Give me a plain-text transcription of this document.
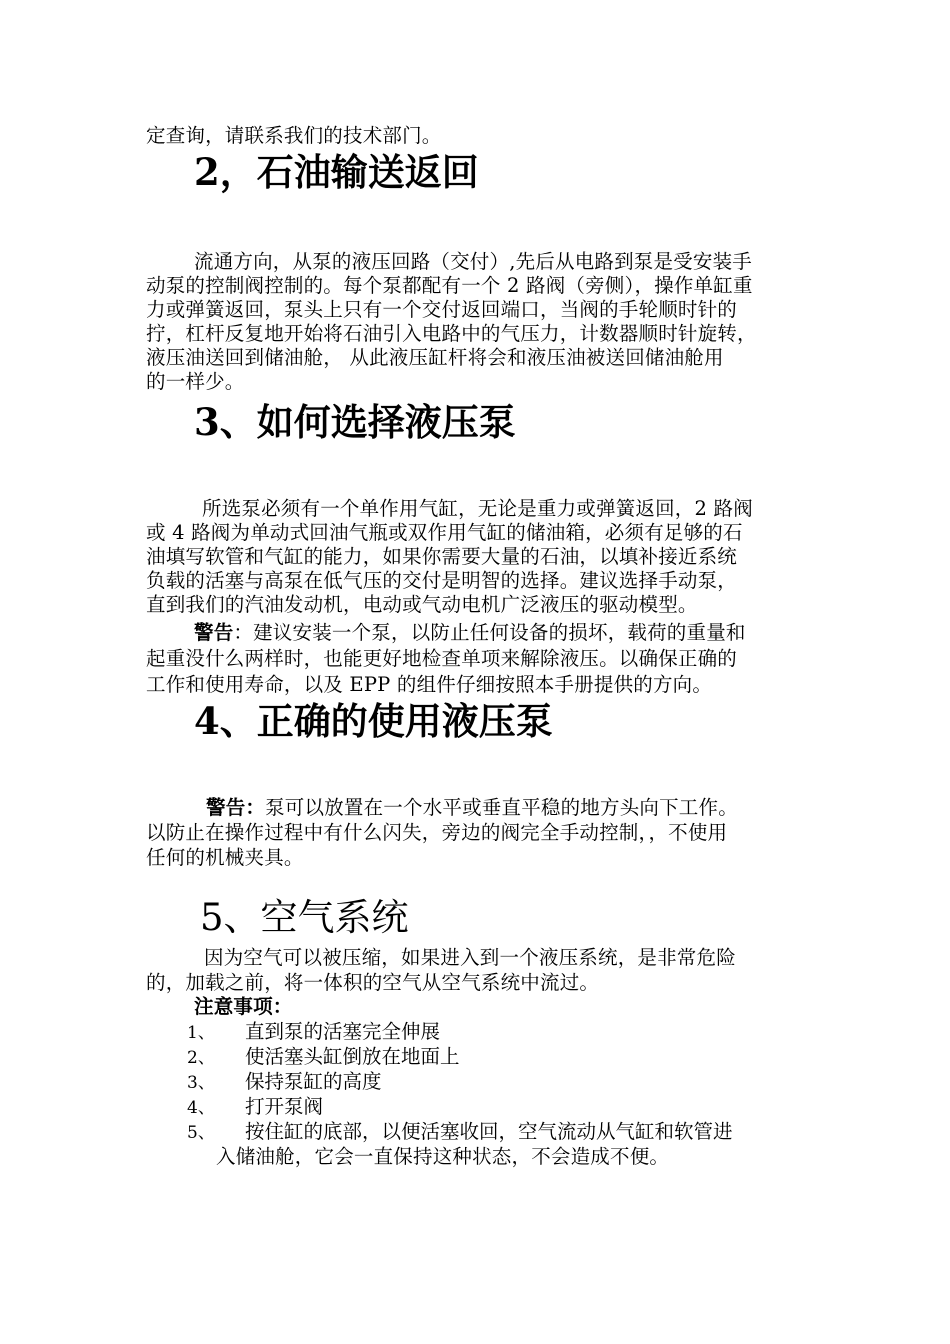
定查询，请联系我们的技术部门。
2，石油输送返回
流通方向，从泵的液压回路（交付）,先后从电路到泵是受安装手
动泵的控制阀控制的。每个泵都配有一个 2 路阀（旁侧），操作单缸重
力或弹簧返回，泵头上只有一个交付返回端口，当阀的手轮顺时针的
拧，杠杆反复地开始将石油引入电路中的气压力，计数器顺时针旋转，
液压油送回到储油舱， 从此液压缸杆将会和液压油被送回储油舱用
的一样少。
3、如何选择液压泵
所选泵必须有一个单作用气缸，无论是重力或弹簧返回，2 路阀
或 4 路阀为单动式回油气瓶或双作用气缸的储油箱，必须有足够的石
油填写软管和气缸的能力，如果你需要大量的石油，以填补接近系统
负载的活塞与高泵在低气压的交付是明智的选择。建议选择手动泵，
直到我们的汽油发动机，电动或气动电机广泛液压的驱动模型。
警告：建议安装一个泵，以防止任何设备的损坏，载荷的重量和
起重没什么两样时，也能更好地检查单项来解除液压。以确保正确的
工作和使用寿命，以及 EPP 的组件仔细按照本手册提供的方向。
4、正确的使用液压泵
警告：泵可以放置在一个水平或垂直平稳的地方头向下工作。
以防止在操作过程中有什么闪失，旁边的阀完全手动控制，，不使用
任何的机械夹具。
5、空气系统
因为空气可以被压缩，如果进入到一个液压系统，是非常危险
的，加载之前，将一体积的空气从空气系统中流过。
注意事项：
1、 直到泵的活塞完全伸展
2、 使活塞头缸倒放在地面上
3、 保持泵缸的高度
4、 打开泵阀
5、 按住缸的底部，以便活塞收回，空气流动从气缸和软管进
入储油舱，它会一直保持这种状态，不会造成不便。
